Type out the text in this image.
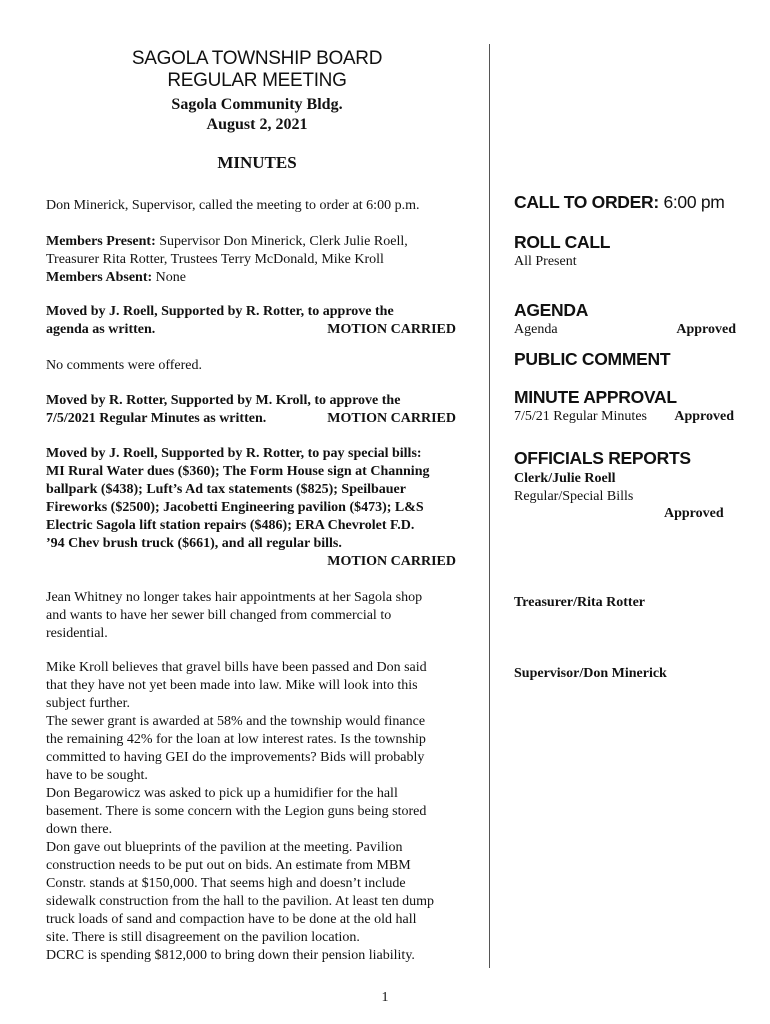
SAGOLA TOWNSHIP BOARD
REGULAR MEETING
Sagola Community Bldg.
August 2, 2021
MINUTES
Don Minerick, Supervisor, called the meeting to order at 6:00 p.m.
Members Present: Supervisor Don Minerick, Clerk Julie Roell,
Treasurer Rita Rotter, Trustees Terry McDonald, Mike Kroll
Members Absent: None
Moved by J. Roell, Supported by R. Rotter, to approve the
agenda as written.	MOTION CARRIED
No comments were offered.
Moved by R. Rotter, Supported by M. Kroll, to approve the
7/5/2021 Regular Minutes as written.	MOTION CARRIED
Moved by J. Roell, Supported by R. Rotter, to pay special bills:
MI Rural Water dues ($360); The Form House sign at Channing
ballpark ($438); Luft’s Ad tax statements ($825); Speilbauer
Fireworks ($2500); Jacobetti Engineering pavilion ($473); L&S
Electric Sagola lift station repairs ($486); ERA Chevrolet F.D.
’94 Chev brush truck ($661), and all regular bills.
MOTION CARRIED
Jean Whitney no longer takes hair appointments at her Sagola shop
and wants to have her sewer bill changed from commercial to
residential.
Mike Kroll believes that gravel bills have been passed and Don said
that they have not yet been made into law. Mike will look into this
subject further.
The sewer grant is awarded at 58% and the township would finance
the remaining 42% for the loan at low interest rates. Is the township
committed to having GEI do the improvements? Bids will probably
have to be sought.
Don Begarowicz was asked to pick up a humidifier for the hall
basement. There is some concern with the Legion guns being stored
down there.
Don gave out blueprints of the pavilion at the meeting. Pavilion
construction needs to be put out on bids. An estimate from MBM
Constr. stands at $150,000. That seems high and doesn’t include
sidewalk construction from the hall to the pavilion. At least ten dump
truck loads of sand and compaction have to be done at the old hall
site. There is still disagreement on the pavilion location.
DCRC is spending $812,000 to bring down their pension liability.
CALL TO ORDER: 6:00 pm
ROLL CALL
All Present
AGENDA
Agenda	Approved
PUBLIC COMMENT
MINUTE APPROVAL
7/5/21 Regular Minutes Approved
OFFICIALS REPORTS
Clerk/Julie Roell
Regular/Special Bills
Approved
Treasurer/Rita Rotter
Supervisor/Don Minerick
1
